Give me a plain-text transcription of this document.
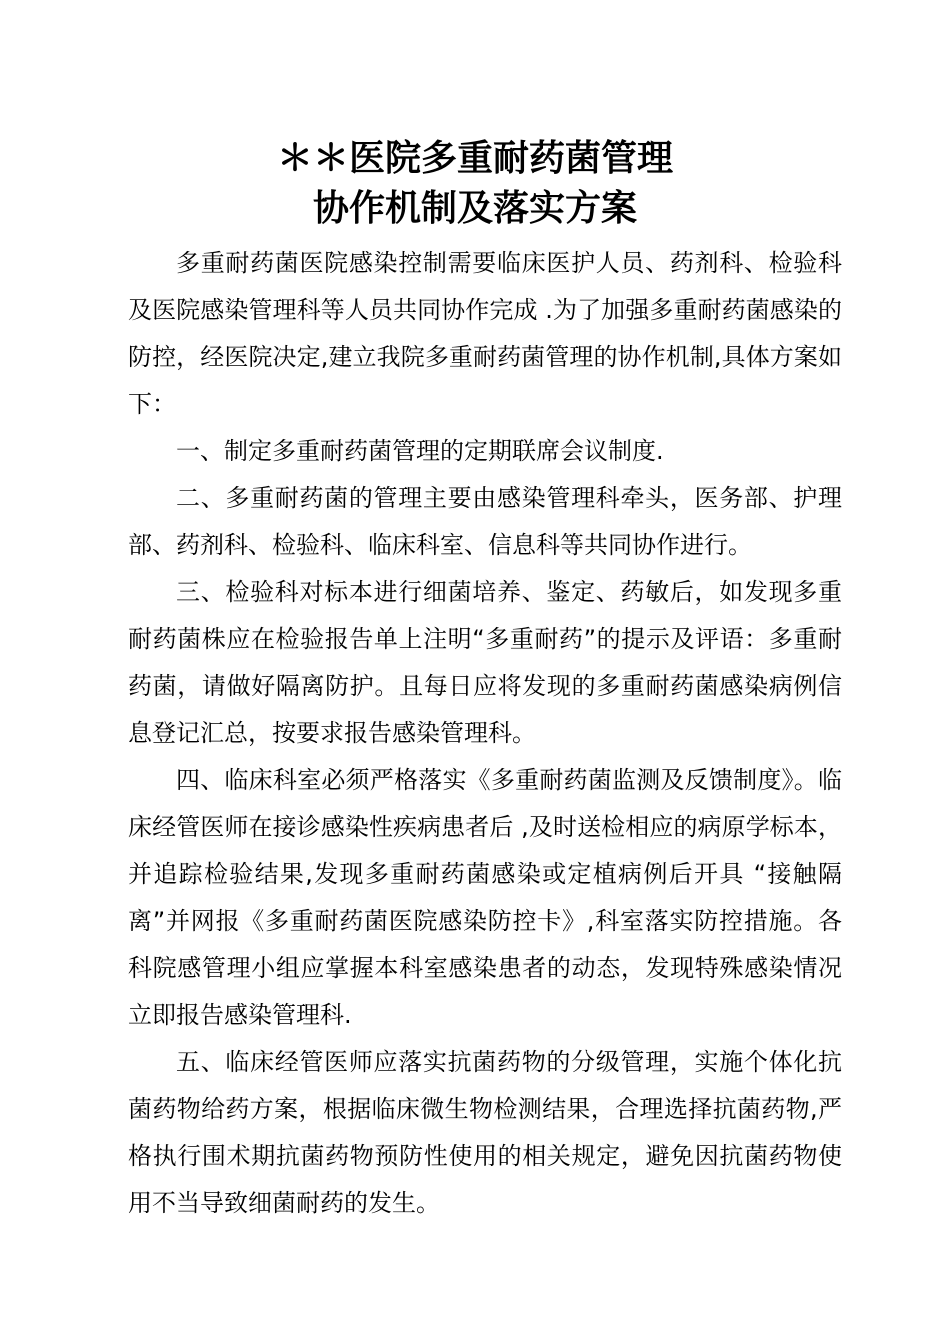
＊＊医院多重耐药菌管理
协作机制及落实方案

多重耐药菌医院感染控制需要临床医护人员、药剂科、检验科及医院感染管理科等人员共同协作完成 .为了加强多重耐药菌感染的防控，经医院决定,建立我院多重耐药菌管理的协作机制,具体方案如下：

一、制定多重耐药菌管理的定期联席会议制度.

二、多重耐药菌的管理主要由感染管理科牵头，医务部、护理部、药剂科、检验科、临床科室、信息科等共同协作进行。

三、检验科对标本进行细菌培养、鉴定、药敏后，如发现多重耐药菌株应在检验报告单上注明“多重耐药”的提示及评语：多重耐药菌，请做好隔离防护。且每日应将发现的多重耐药菌感染病例信息登记汇总，按要求报告感染管理科。

四、临床科室必须严格落实《多重耐药菌监测及反馈制度》。临床经管医师在接诊感染性疾病患者后 ,及时送检相应的病原学标本，并追踪检验结果,发现多重耐药菌感染或定植病例后开具 “接触隔离”并网报《多重耐药菌医院感染防控卡》,科室落实防控措施。各科院感管理小组应掌握本科室感染患者的动态，发现特殊感染情况立即报告感染管理科.

五、临床经管医师应落实抗菌药物的分级管理，实施个体化抗菌药物给药方案，根据临床微生物检测结果，合理选择抗菌药物,严格执行围术期抗菌药物预防性使用的相关规定，避免因抗菌药物使用不当导致细菌耐药的发生。
